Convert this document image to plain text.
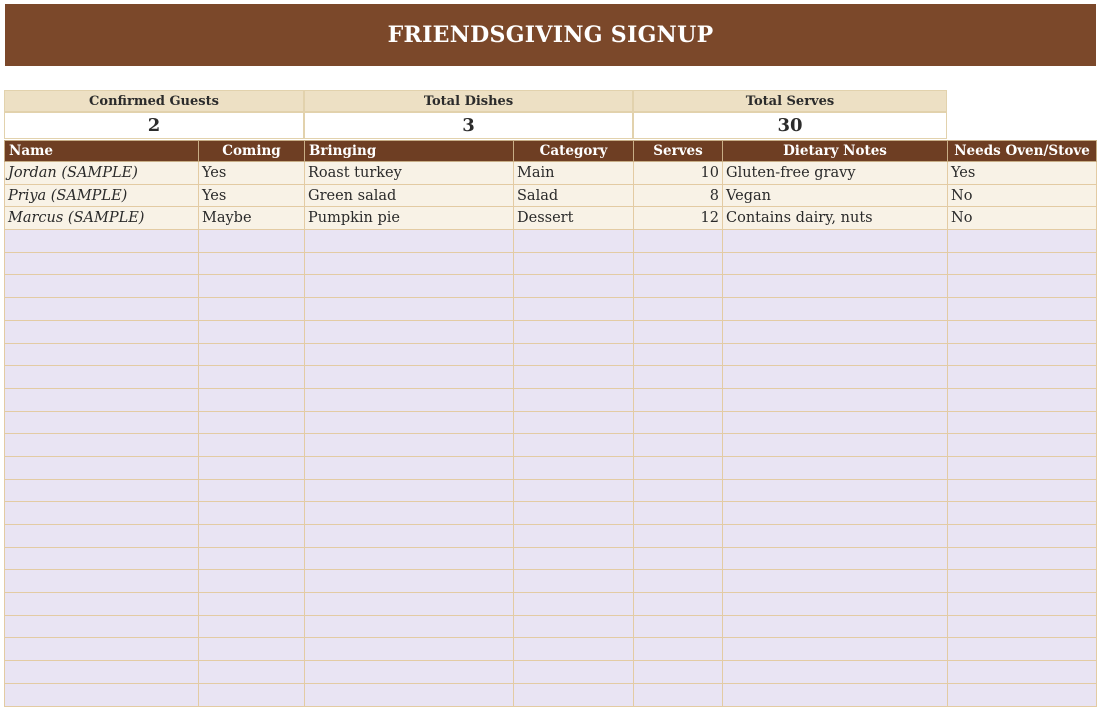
FRIENDSGIVING SIGNUP
Confirmed Guests	Total Dishes	Total Serves
2	3	30
Name	Coming	Bringing	Category	Serves	Dietary Notes	Needs Oven/Stove
Jordan (SAMPLE)	Yes	Roast turkey	Main	10	Gluten-free gravy	Yes
Priya (SAMPLE)	Yes	Green salad	Salad	8	Vegan	No
Marcus (SAMPLE)	Maybe	Pumpkin pie	Dessert	12	Contains dairy, nuts	No
